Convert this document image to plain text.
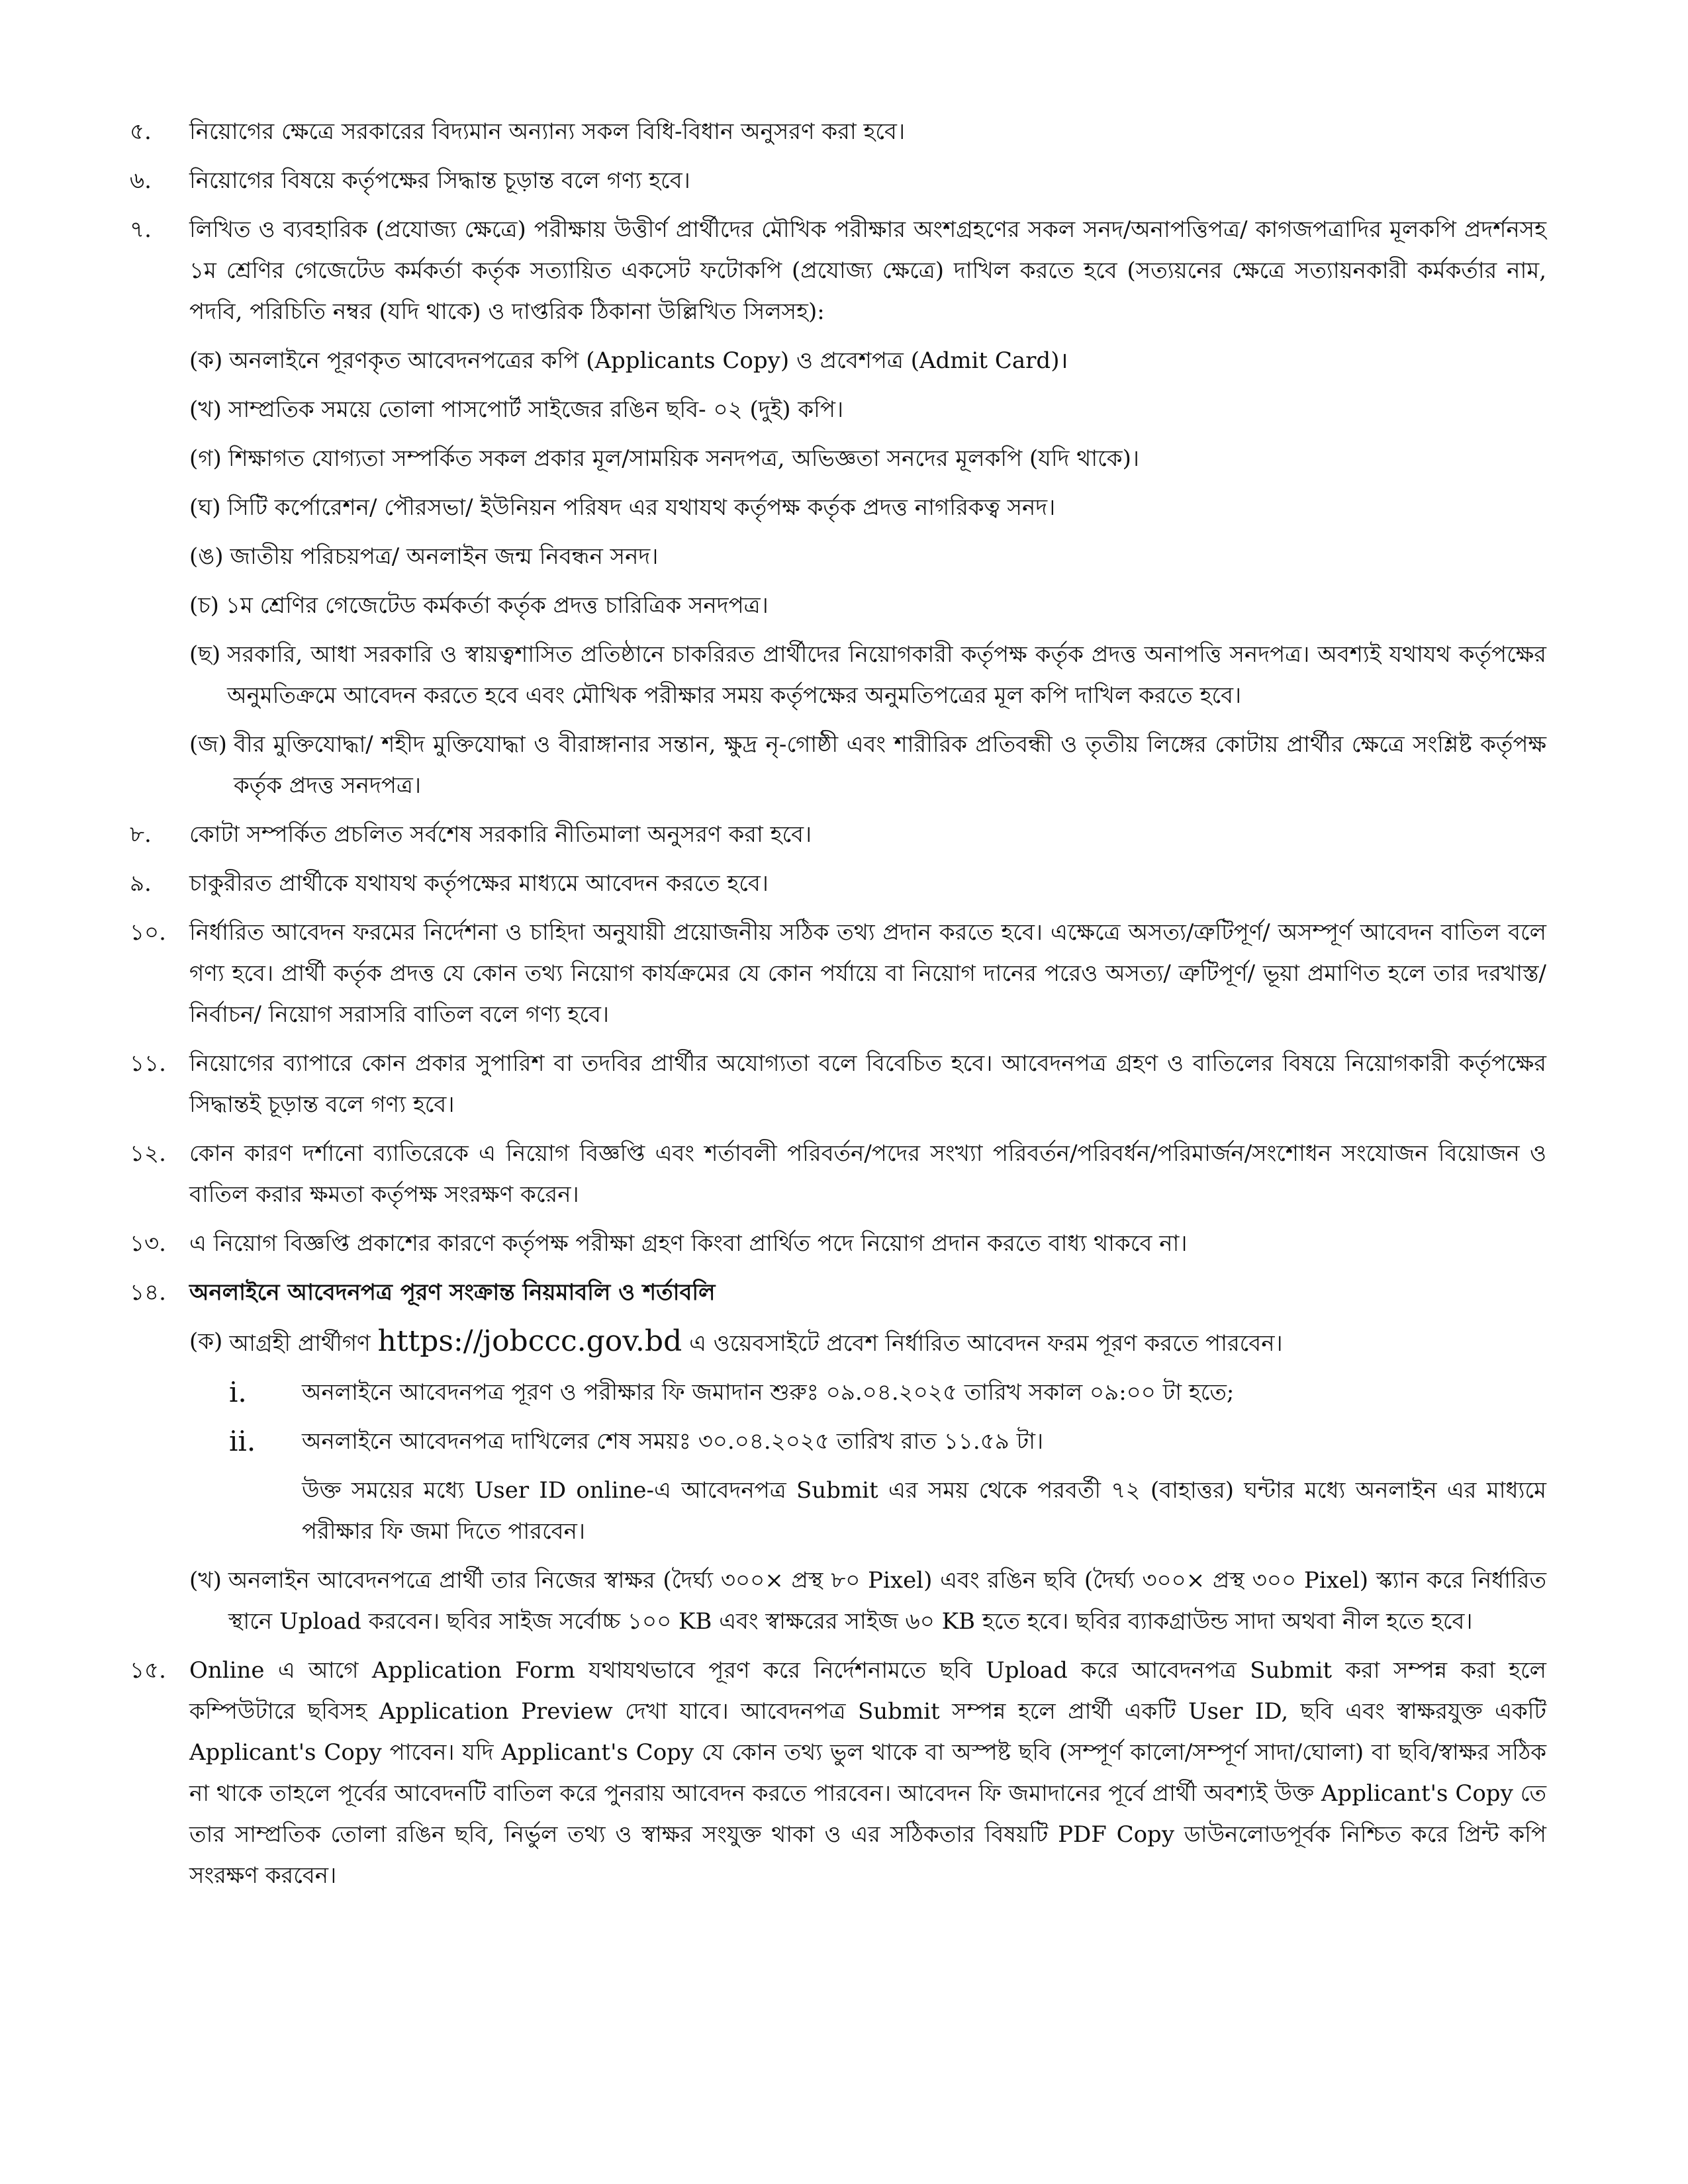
৫.	নিয়োগের ক্ষেত্রে সরকারের বিদ্যমান অন্যান্য সকল বিধি-বিধান অনুসরণ করা হবে।
৬.	নিয়োগের বিষয়ে কর্তৃপক্ষের সিদ্ধান্ত চূড়ান্ত বলে গণ্য হবে।
৭.	লিখিত ও ব্যবহারিক (প্রযোজ্য ক্ষেত্রে) পরীক্ষায় উত্তীর্ণ প্রার্থীদের মৌখিক পরীক্ষার অংশগ্রহণের সকল সনদ/অনাপত্তিপত্র/ কাগজপত্রাদির মূলকপি প্রদর্শনসহ ১ম শ্রেণির গেজেটেড কর্মকর্তা কর্তৃক সত্যায়িত একসেট ফটোকপি (প্রযোজ্য ক্ষেত্রে) দাখিল করতে হবে (সত্যয়নের ক্ষেত্রে সত্যায়নকারী কর্মকর্তার নাম, পদবি, পরিচিতি নম্বর (যদি থাকে) ও দাপ্তরিক ঠিকানা উল্লিখিত সিলসহ):
(ক) অনলাইনে পূরণকৃত আবেদনপত্রের কপি (Applicants Copy) ও প্রবেশপত্র (Admit Card)।
(খ) সাম্প্রতিক সময়ে তোলা পাসপোর্ট সাইজের রঙিন ছবি- ০২ (দুই) কপি।
(গ) শিক্ষাগত যোগ্যতা সম্পর্কিত সকল প্রকার মূল/সাময়িক সনদপত্র, অভিজ্ঞতা সনদের মূলকপি (যদি থাকে)।
(ঘ) সিটি কর্পোরেশন/ পৌরসভা/ ইউনিয়ন পরিষদ এর যথাযথ কর্তৃপক্ষ কর্তৃক প্রদত্ত নাগরিকত্ব সনদ।
(ঙ) জাতীয় পরিচয়পত্র/ অনলাইন জন্ম নিবন্ধন সনদ।
(চ) ১ম শ্রেণির গেজেটেড কর্মকর্তা কর্তৃক প্রদত্ত চারিত্রিক সনদপত্র।
(ছ) সরকারি, আধা সরকারি ও স্বায়ত্বশাসিত প্রতিষ্ঠানে চাকরিরত প্রার্থীদের নিয়োগকারী কর্তৃপক্ষ কর্তৃক প্রদত্ত অনাপত্তি সনদপত্র। অবশ্যই যথাযথ কর্তৃপক্ষের অনুমতিক্রমে আবেদন করতে হবে এবং মৌখিক পরীক্ষার সময় কর্তৃপক্ষের অনুমতিপত্রের মূল কপি দাখিল করতে হবে।
(জ) বীর মুক্তিযোদ্ধা/ শহীদ মুক্তিযোদ্ধা ও বীরাঙ্গানার সন্তান, ক্ষুদ্র নৃ-গোষ্ঠী এবং শারীরিক প্রতিবন্ধী ও তৃতীয় লিঙ্গের কোটায় প্রার্থীর ক্ষেত্রে সংশ্লিষ্ট কর্তৃপক্ষ কর্তৃক প্রদত্ত সনদপত্র।
৮.	কোটা সম্পর্কিত প্রচলিত সর্বশেষ সরকারি নীতিমালা অনুসরণ করা হবে।
৯.	চাকুরীরত প্রার্থীকে যথাযথ কর্তৃপক্ষের মাধ্যমে আবেদন করতে হবে।
১০.	নির্ধারিত আবেদন ফরমের নির্দেশনা ও চাহিদা অনুযায়ী প্রয়োজনীয় সঠিক তথ্য প্রদান করতে হবে। এক্ষেত্রে অসত্য/ত্রুটিপূর্ণ/ অসম্পূর্ণ আবেদন বাতিল বলে গণ্য হবে। প্রার্থী কর্তৃক প্রদত্ত যে কোন তথ্য নিয়োগ কার্যক্রমের যে কোন পর্যায়ে বা নিয়োগ দানের পরেও অসত্য/ ত্রুটিপূর্ণ/ ভূয়া প্রমাণিত হলে তার দরখাস্ত/ নির্বাচন/ নিয়োগ সরাসরি বাতিল বলে গণ্য হবে।
১১.	নিয়োগের ব্যাপারে কোন প্রকার সুপারিশ বা তদবির প্রার্থীর অযোগ্যতা বলে বিবেচিত হবে। আবেদনপত্র গ্রহণ ও বাতিলের বিষয়ে নিয়োগকারী কর্তৃপক্ষের সিদ্ধান্তই চূড়ান্ত বলে গণ্য হবে।
১২.	কোন কারণ দর্শানো ব্যাতিরেকে এ নিয়োগ বিজ্ঞপ্তি এবং শর্তাবলী পরিবর্তন/পদের সংখ্যা পরিবর্তন/পরিবর্ধন/পরিমার্জন/সংশোধন সংযোজন বিয়োজন ও বাতিল করার ক্ষমতা কর্তৃপক্ষ সংরক্ষণ করেন।
১৩.	এ নিয়োগ বিজ্ঞপ্তি প্রকাশের কারণে কর্তৃপক্ষ পরীক্ষা গ্রহণ কিংবা প্রার্থিত পদে নিয়োগ প্রদান করতে বাধ্য থাকবে না।
১৪.	অনলাইনে আবেদনপত্র পূরণ সংক্রান্ত নিয়মাবলি ও শর্তাবলি
(ক) আগ্রহী প্রার্থীগণ https://jobccc.gov.bd এ ওয়েবসাইটে প্রবেশ নির্ধারিত আবেদন ফরম পূরণ করতে পারবেন।
i.	অনলাইনে আবেদনপত্র পূরণ ও পরীক্ষার ফি জমাদান শুরুঃ ০৯.০৪.২০২৫ তারিখ সকাল ০৯:০০ টা হতে;
ii.	অনলাইনে আবেদনপত্র দাখিলের শেষ সময়ঃ ৩০.০৪.২০২৫ তারিখ রাত ১১.৫৯ টা।
উক্ত সময়ের মধ্যে User ID online-এ আবেদনপত্র Submit এর সময় থেকে পরবর্তী ৭২ (বাহাত্তর) ঘন্টার মধ্যে অনলাইন এর মাধ্যমে পরীক্ষার ফি জমা দিতে পারবেন।
(খ) অনলাইন আবেদনপত্রে প্রার্থী তার নিজের স্বাক্ষর (দৈর্ঘ্য ৩০০× প্রস্থ ৮০ Pixel) এবং রঙিন ছবি (দৈর্ঘ্য ৩০০× প্রস্থ ৩০০ Pixel) স্ক্যান করে নির্ধারিত স্থানে Upload করবেন। ছবির সাইজ সর্বোচ্চ ১০০ KB এবং স্বাক্ষরের সাইজ ৬০ KB হতে হবে। ছবির ব্যাকগ্রাউন্ড সাদা অথবা নীল হতে হবে।
১৫.	Online এ আগে Application Form যথাযথভাবে পূরণ করে নির্দেশনামতে ছবি Upload করে আবেদনপত্র Submit করা সম্পন্ন করা হলে কম্পিউটারে ছবিসহ Application Preview দেখা যাবে। আবেদনপত্র Submit সম্পন্ন হলে প্রার্থী একটি User ID, ছবি এবং স্বাক্ষরযুক্ত একটি Applicant's Copy পাবেন। যদি Applicant's Copy যে কোন তথ্য ভুল থাকে বা অস্পষ্ট ছবি (সম্পূর্ণ কালো/সম্পূর্ণ সাদা/ঘোলা) বা ছবি/স্বাক্ষর সঠিক না থাকে তাহলে পূর্বের আবেদনটি বাতিল করে পুনরায় আবেদন করতে পারবেন। আবেদন ফি জমাদানের পূর্বে প্রার্থী অবশ্যই উক্ত Applicant's Copy তে তার সাম্প্রতিক তোলা রঙিন ছবি, নির্ভুল তথ্য ও স্বাক্ষর সংযুক্ত থাকা ও এর সঠিকতার বিষয়টি PDF Copy ডাউনলোডপূর্বক নিশ্চিত করে প্রিন্ট কপি সংরক্ষণ করবেন।
